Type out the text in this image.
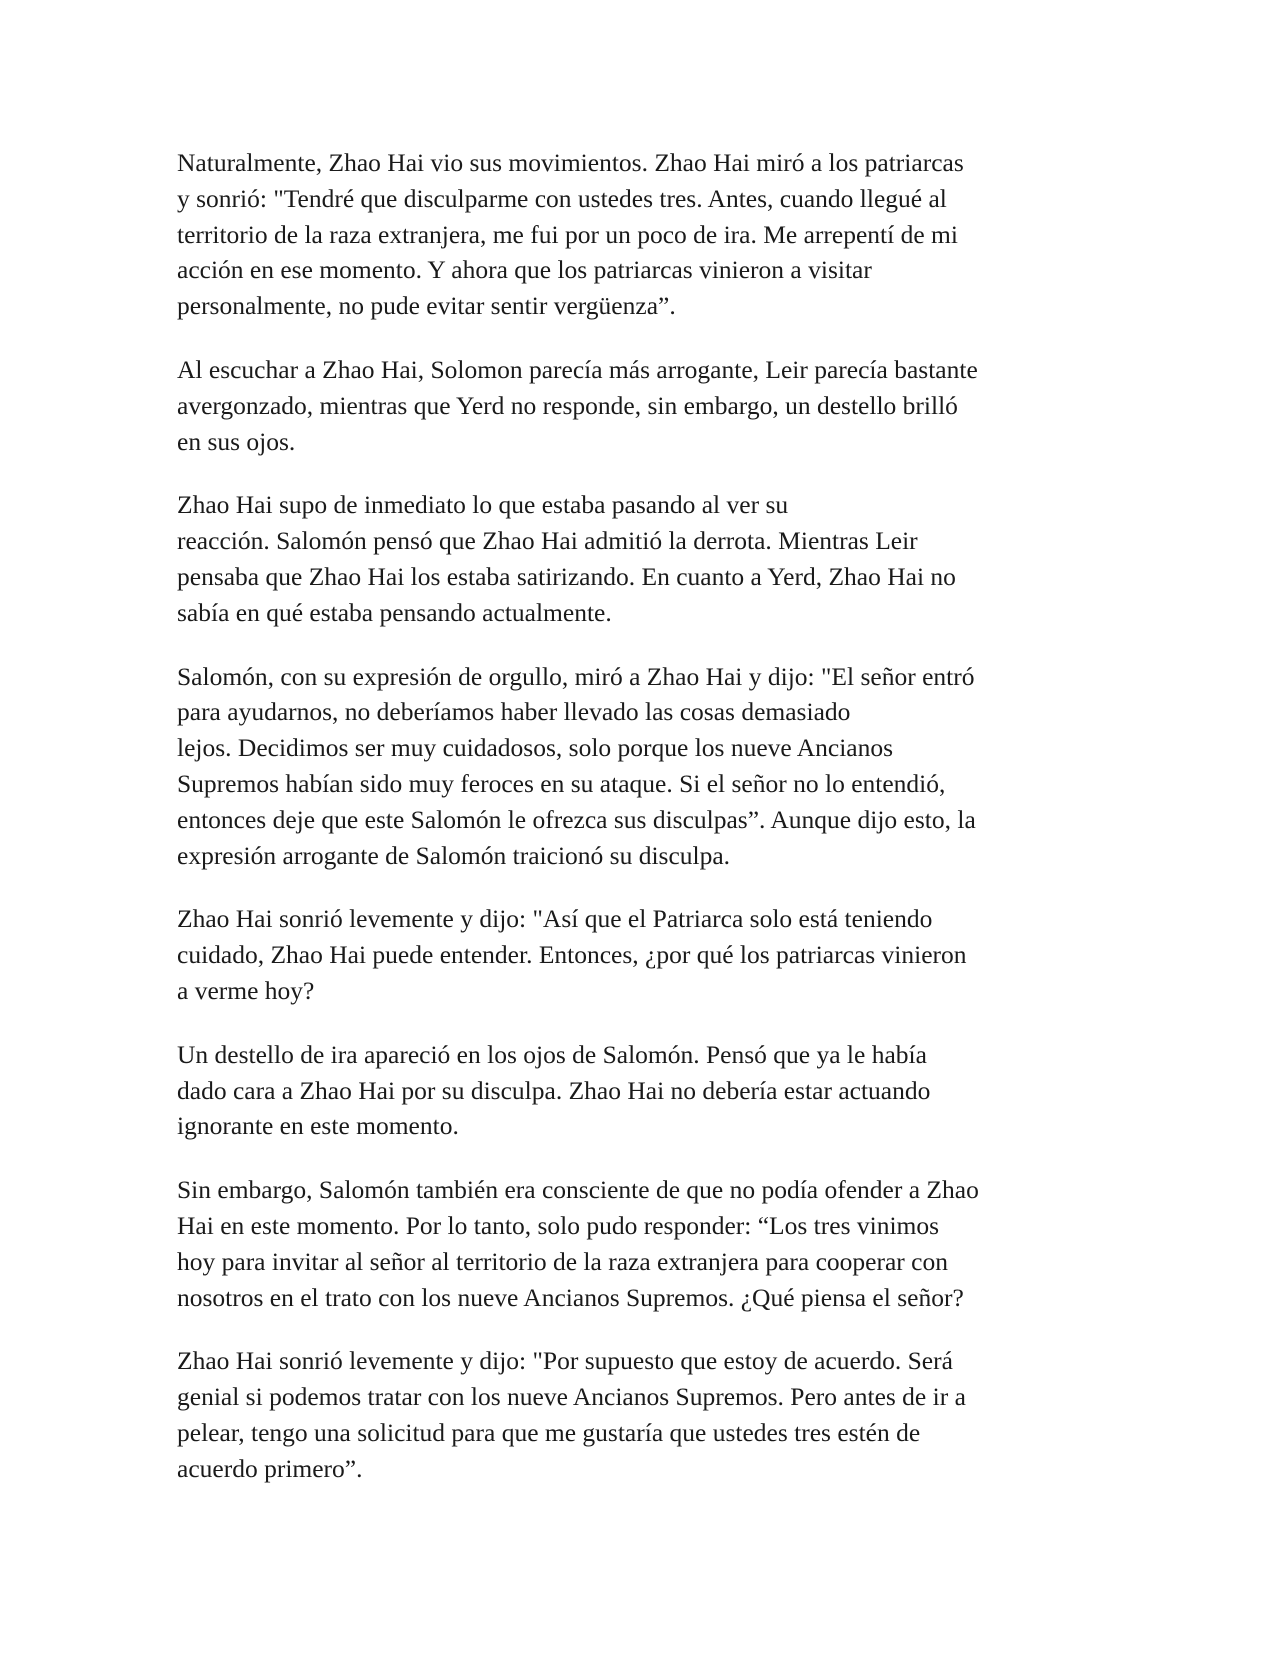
Naturalmente, Zhao Hai vio sus movimientos. Zhao Hai miró a los patriarcas
y sonrió: "Tendré que disculparme con ustedes tres. Antes, cuando llegué al
territorio de la raza extranjera, me fui por un poco de ira. Me arrepentí de mi
acción en ese momento. Y ahora que los patriarcas vinieron a visitar
personalmente, no pude evitar sentir vergüenza”.

Al escuchar a Zhao Hai, Solomon parecía más arrogante, Leir parecía bastante
avergonzado, mientras que Yerd no responde, sin embargo, un destello brilló
en sus ojos.

Zhao Hai supo de inmediato lo que estaba pasando al ver su
reacción. Salomón pensó que Zhao Hai admitió la derrota. Mientras Leir
pensaba que Zhao Hai los estaba satirizando. En cuanto a Yerd, Zhao Hai no
sabía en qué estaba pensando actualmente.

Salomón, con su expresión de orgullo, miró a Zhao Hai y dijo: "El señor entró
para ayudarnos, no deberíamos haber llevado las cosas demasiado
lejos. Decidimos ser muy cuidadosos, solo porque los nueve Ancianos
Supremos habían sido muy feroces en su ataque. Si el señor no lo entendió,
entonces deje que este Salomón le ofrezca sus disculpas”. Aunque dijo esto, la
expresión arrogante de Salomón traicionó su disculpa.

Zhao Hai sonrió levemente y dijo: "Así que el Patriarca solo está teniendo
cuidado, Zhao Hai puede entender. Entonces, ¿por qué los patriarcas vinieron
a verme hoy?

Un destello de ira apareció en los ojos de Salomón. Pensó que ya le había
dado cara a Zhao Hai por su disculpa. Zhao Hai no debería estar actuando
ignorante en este momento.

Sin embargo, Salomón también era consciente de que no podía ofender a Zhao
Hai en este momento. Por lo tanto, solo pudo responder: “Los tres vinimos
hoy para invitar al señor al territorio de la raza extranjera para cooperar con
nosotros en el trato con los nueve Ancianos Supremos. ¿Qué piensa el señor?

Zhao Hai sonrió levemente y dijo: "Por supuesto que estoy de acuerdo. Será
genial si podemos tratar con los nueve Ancianos Supremos. Pero antes de ir a
pelear, tengo una solicitud para que me gustaría que ustedes tres estén de
acuerdo primero”.
